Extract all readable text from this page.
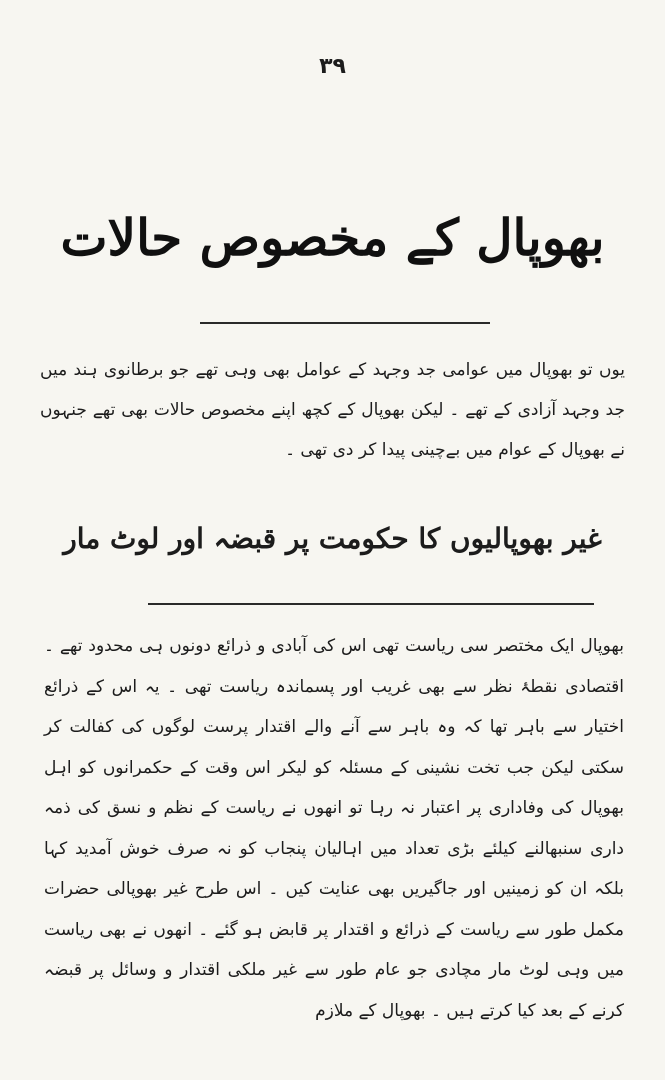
۳۹
بھوپال کے مخصوص حالات

یوں تو بھوپال میں عوامی جد وجہد کے عوامل بھی وہی تھے جو برطانوی ہند میں جد وجہد آزادی کے تھے ۔ لیکن بھوپال کے کچھ اپنے مخصوص حالات بھی تھے جنہوں نے بھوپال کے عوام میں بےچینی پیدا کر دی تھی ۔

غیر بھوپالیوں کا حکومت پر قبضہ اور لوٹ مار

بھوپال ایک مختصر سی ریاست تھی اس کی آبادی و ذرائع دونوں ہی محدود تھے ۔ اقتصادی نقطۂ نظر سے بھی غریب اور پسماندہ ریاست تھی ۔ یہ اس کے ذرائع اختیار سے باہر تھا کہ وہ باہر سے آنے والے اقتدار پرست لوگوں کی کفالت کر سکتی لیکن جب تخت نشینی کے مسئلہ کو لیکر اس وقت کے حکمرانوں کو اہل بھوپال کی وفاداری پر اعتبار نہ رہا تو انھوں نے ریاست کے نظم و نسق کی ذمہ داری سنبھالنے کیلئے بڑی تعداد میں اہالیان پنجاب کو نہ صرف خوش آمدید کہا بلکہ ان کو زمینیں اور جاگیریں بھی عنایت کیں ۔ اس طرح غیر بھوپالی حضرات مکمل طور سے ریاست کے ذرائع و اقتدار پر قابض ہو گئے ۔ انھوں نے بھی ریاست میں وہی لوٹ مار مچادی جو عام طور سے غیر ملکی اقتدار و وسائل پر قبضہ کرنے کے بعد کیا کرتے ہیں ۔ بھوپال کے ملازم
